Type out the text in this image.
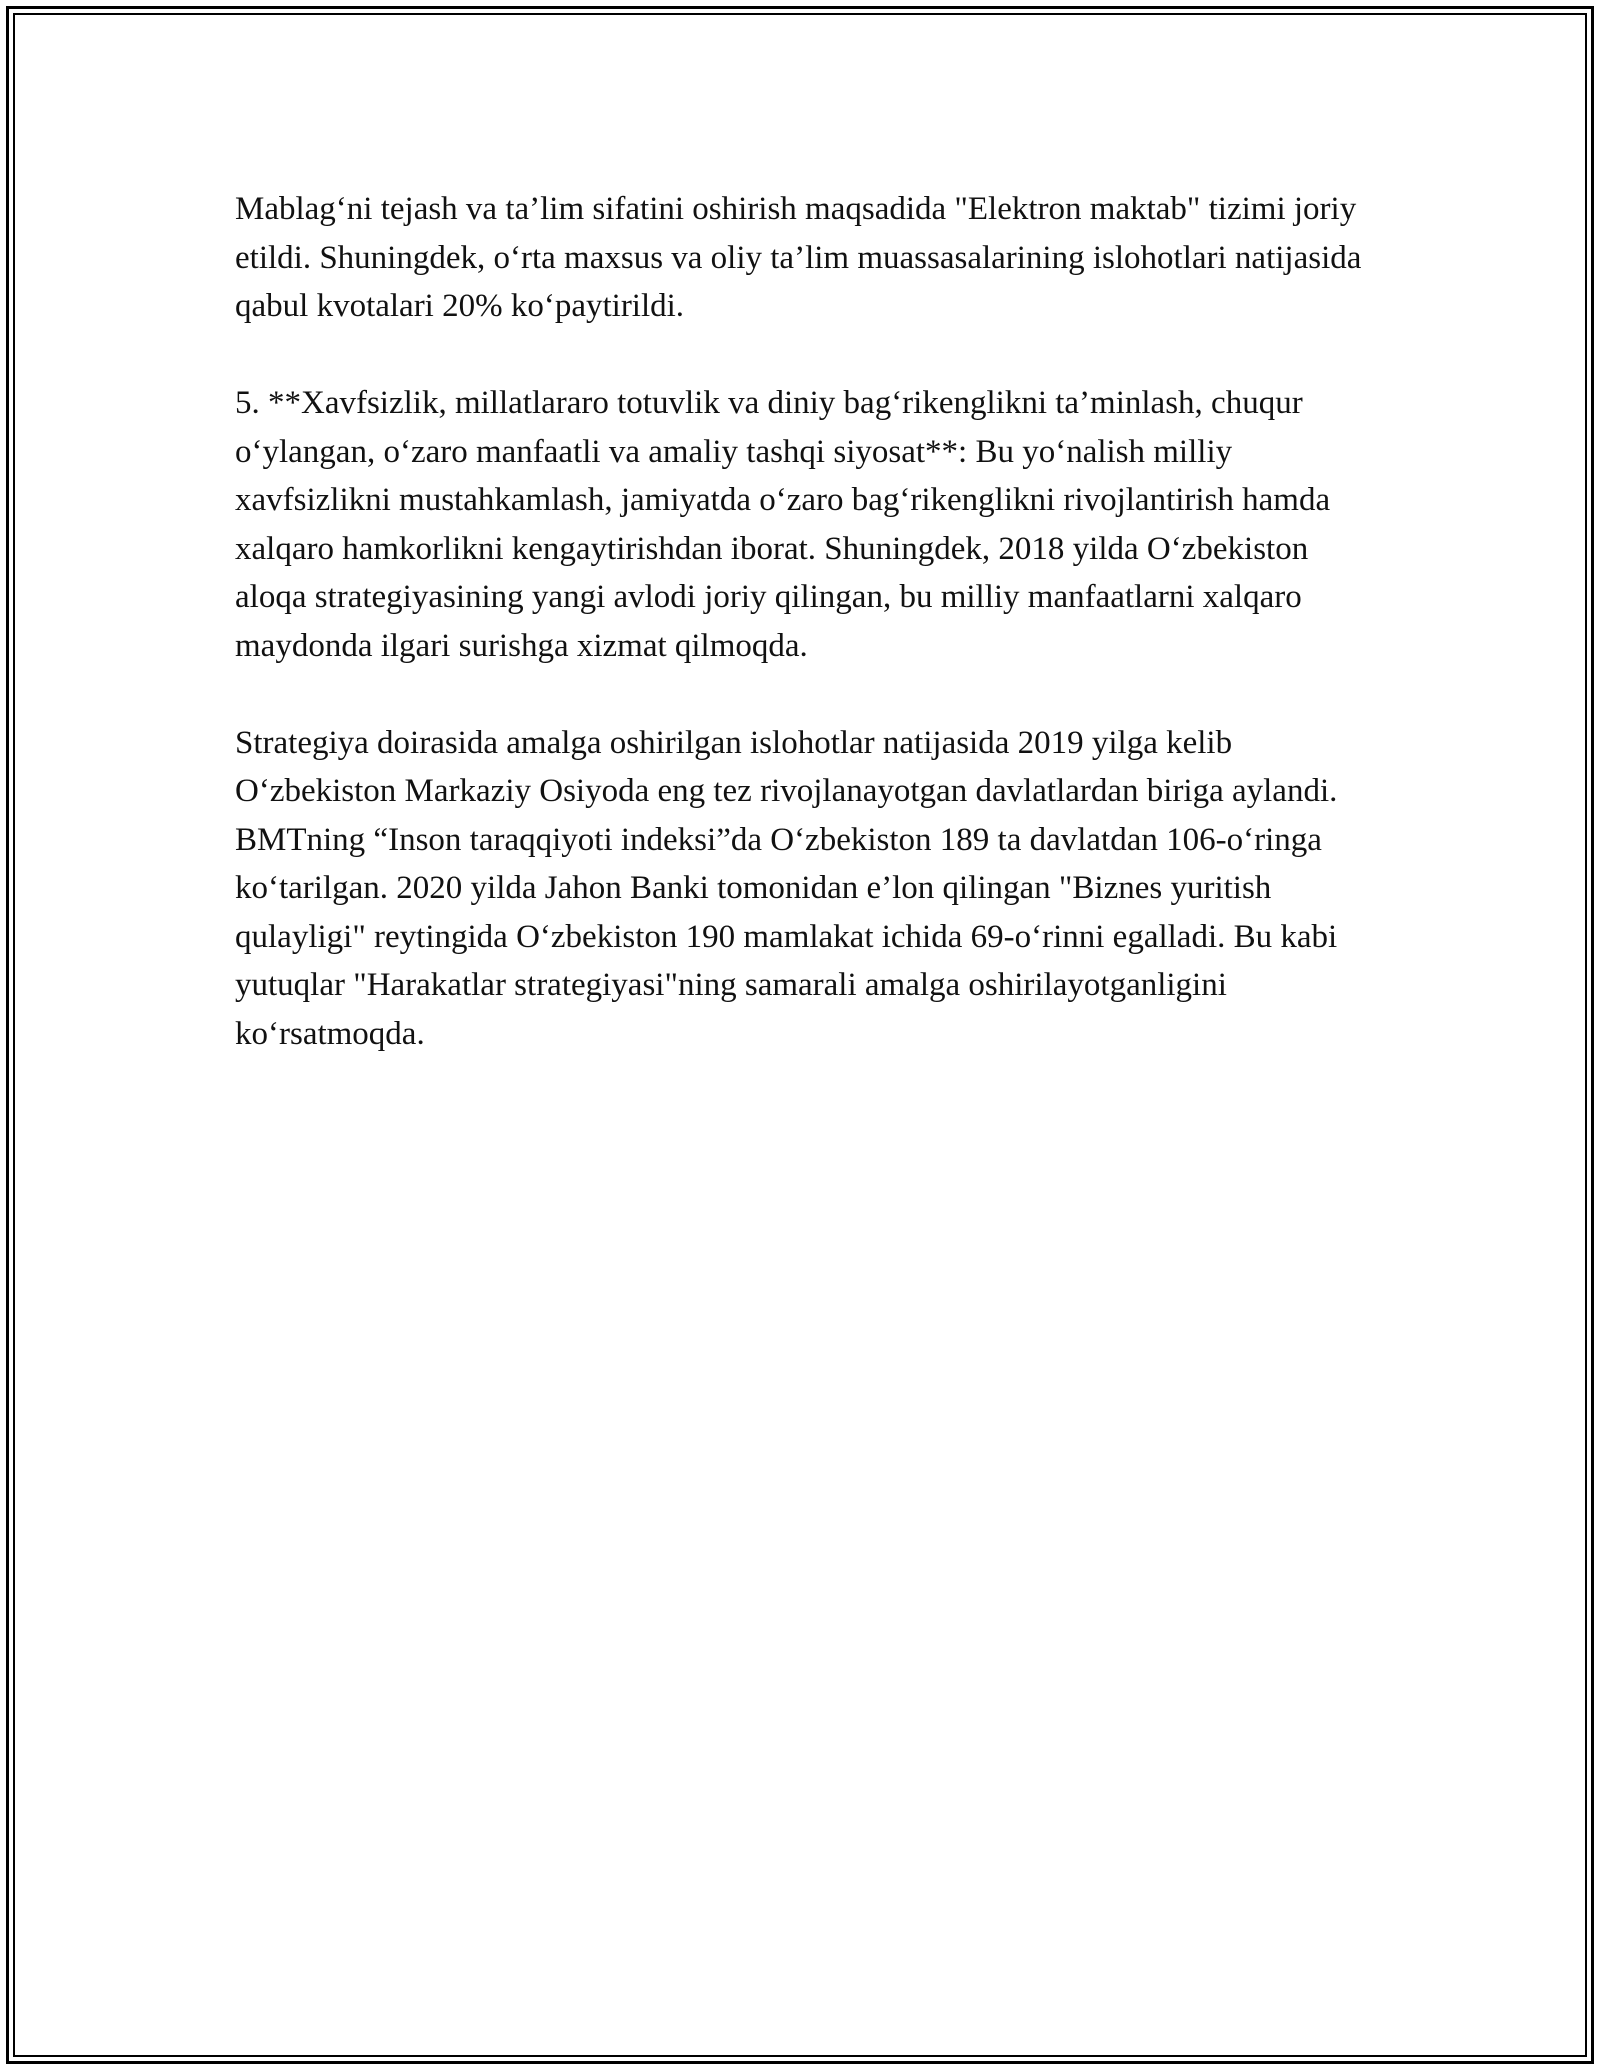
Mablag‘ni tejash va ta’lim sifatini oshirish maqsadida "Elektron maktab" tizimi joriy etildi. Shuningdek, o‘rta maxsus va oliy ta’lim muassasalarining islohotlari natijasida qabul kvotalari 20% ko‘paytirildi.

5. **Xavfsizlik, millatlararo totuvlik va diniy bag‘rikenglikni ta’minlash, chuqur o‘ylangan, o‘zaro manfaatli va amaliy tashqi siyosat**: Bu yo‘nalish milliy xavfsizlikni mustahkamlash, jamiyatda o‘zaro bag‘rikenglikni rivojlantirish hamda xalqaro hamkorlikni kengaytirishdan iborat. Shuningdek, 2018 yilda O‘zbekiston aloqa strategiyasining yangi avlodi joriy qilingan, bu milliy manfaatlarni xalqaro maydonda ilgari surishga xizmat qilmoqda.

Strategiya doirasida amalga oshirilgan islohotlar natijasida 2019 yilga kelib O‘zbekiston Markaziy Osiyoda eng tez rivojlanayotgan davlatlardan biriga aylandi. BMTning “Inson taraqqiyoti indeksi”da O‘zbekiston 189 ta davlatdan 106-o‘ringa ko‘tarilgan. 2020 yilda Jahon Banki tomonidan e’lon qilingan "Biznes yuritish qulayligi" reytingida O‘zbekiston 190 mamlakat ichida 69-o‘rinni egalladi. Bu kabi yutuqlar "Harakatlar strategiyasi"ning samarali amalga oshirilayotganligini ko‘rsatmoqda.
